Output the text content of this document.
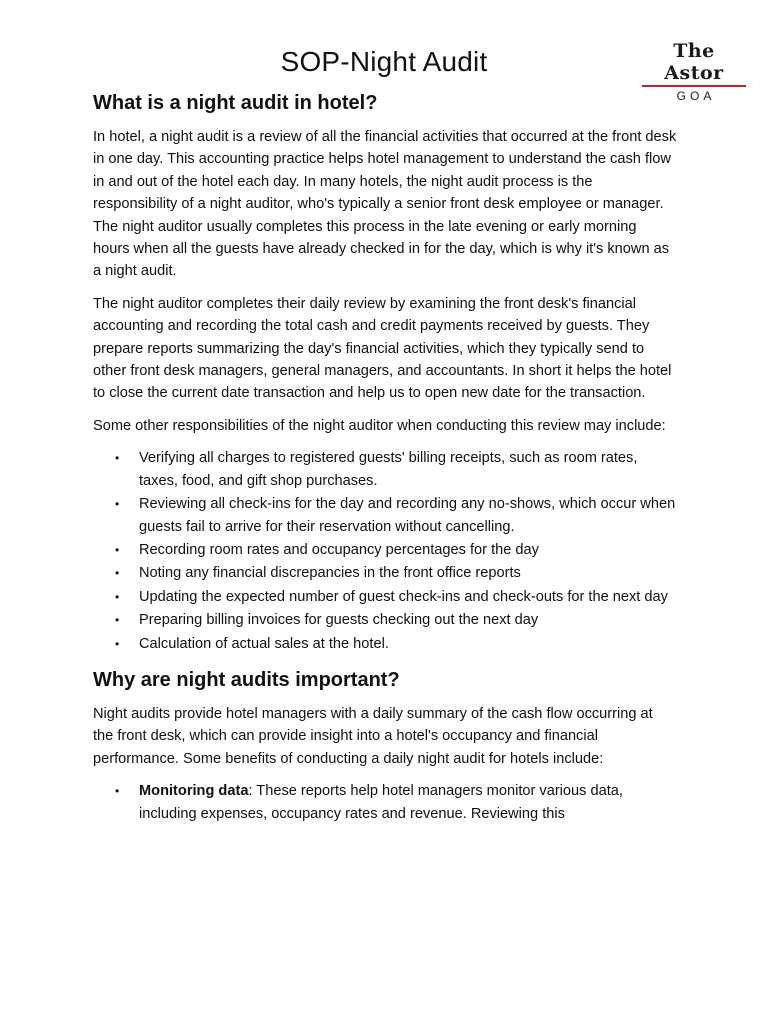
SOP-Night Audit	The Astor
GOA
What is a night audit in hotel?

In hotel, a night audit is a review of all the financial activities that occurred at the front desk in one day. This accounting practice helps hotel management to understand the cash flow in and out of the hotel each day. In many hotels, the night audit process is the responsibility of a night auditor, who's typically a senior front desk employee or manager. The night auditor usually completes this process in the late evening or early morning hours when all the guests have already checked in for the day, which is why it's known as a night audit.

The night auditor completes their daily review by examining the front desk's financial accounting and recording the total cash and credit payments received by guests. They prepare reports summarizing the day's financial activities, which they typically send to other front desk managers, general managers, and accountants. In short it helps the hotel to close the current date transaction and help us to open new date for the transaction.

Some other responsibilities of the night auditor when conducting this review may include:

• Verifying all charges to registered guests' billing receipts, such as room rates, taxes, food, and gift shop purchases.
• Reviewing all check-ins for the day and recording any no-shows, which occur when guests fail to arrive for their reservation without cancelling.
• Recording room rates and occupancy percentages for the day
• Noting any financial discrepancies in the front office reports
• Updating the expected number of guest check-ins and check-outs for the next day
• Preparing billing invoices for guests checking out the next day
• Calculation of actual sales at the hotel.
Why are night audits important?

Night audits provide hotel managers with a daily summary of the cash flow occurring at the front desk, which can provide insight into a hotel's occupancy and financial performance. Some benefits of conducting a daily night audit for hotels include:

• Monitoring data: These reports help hotel managers monitor various data, including expenses, occupancy rates and revenue. Reviewing this
